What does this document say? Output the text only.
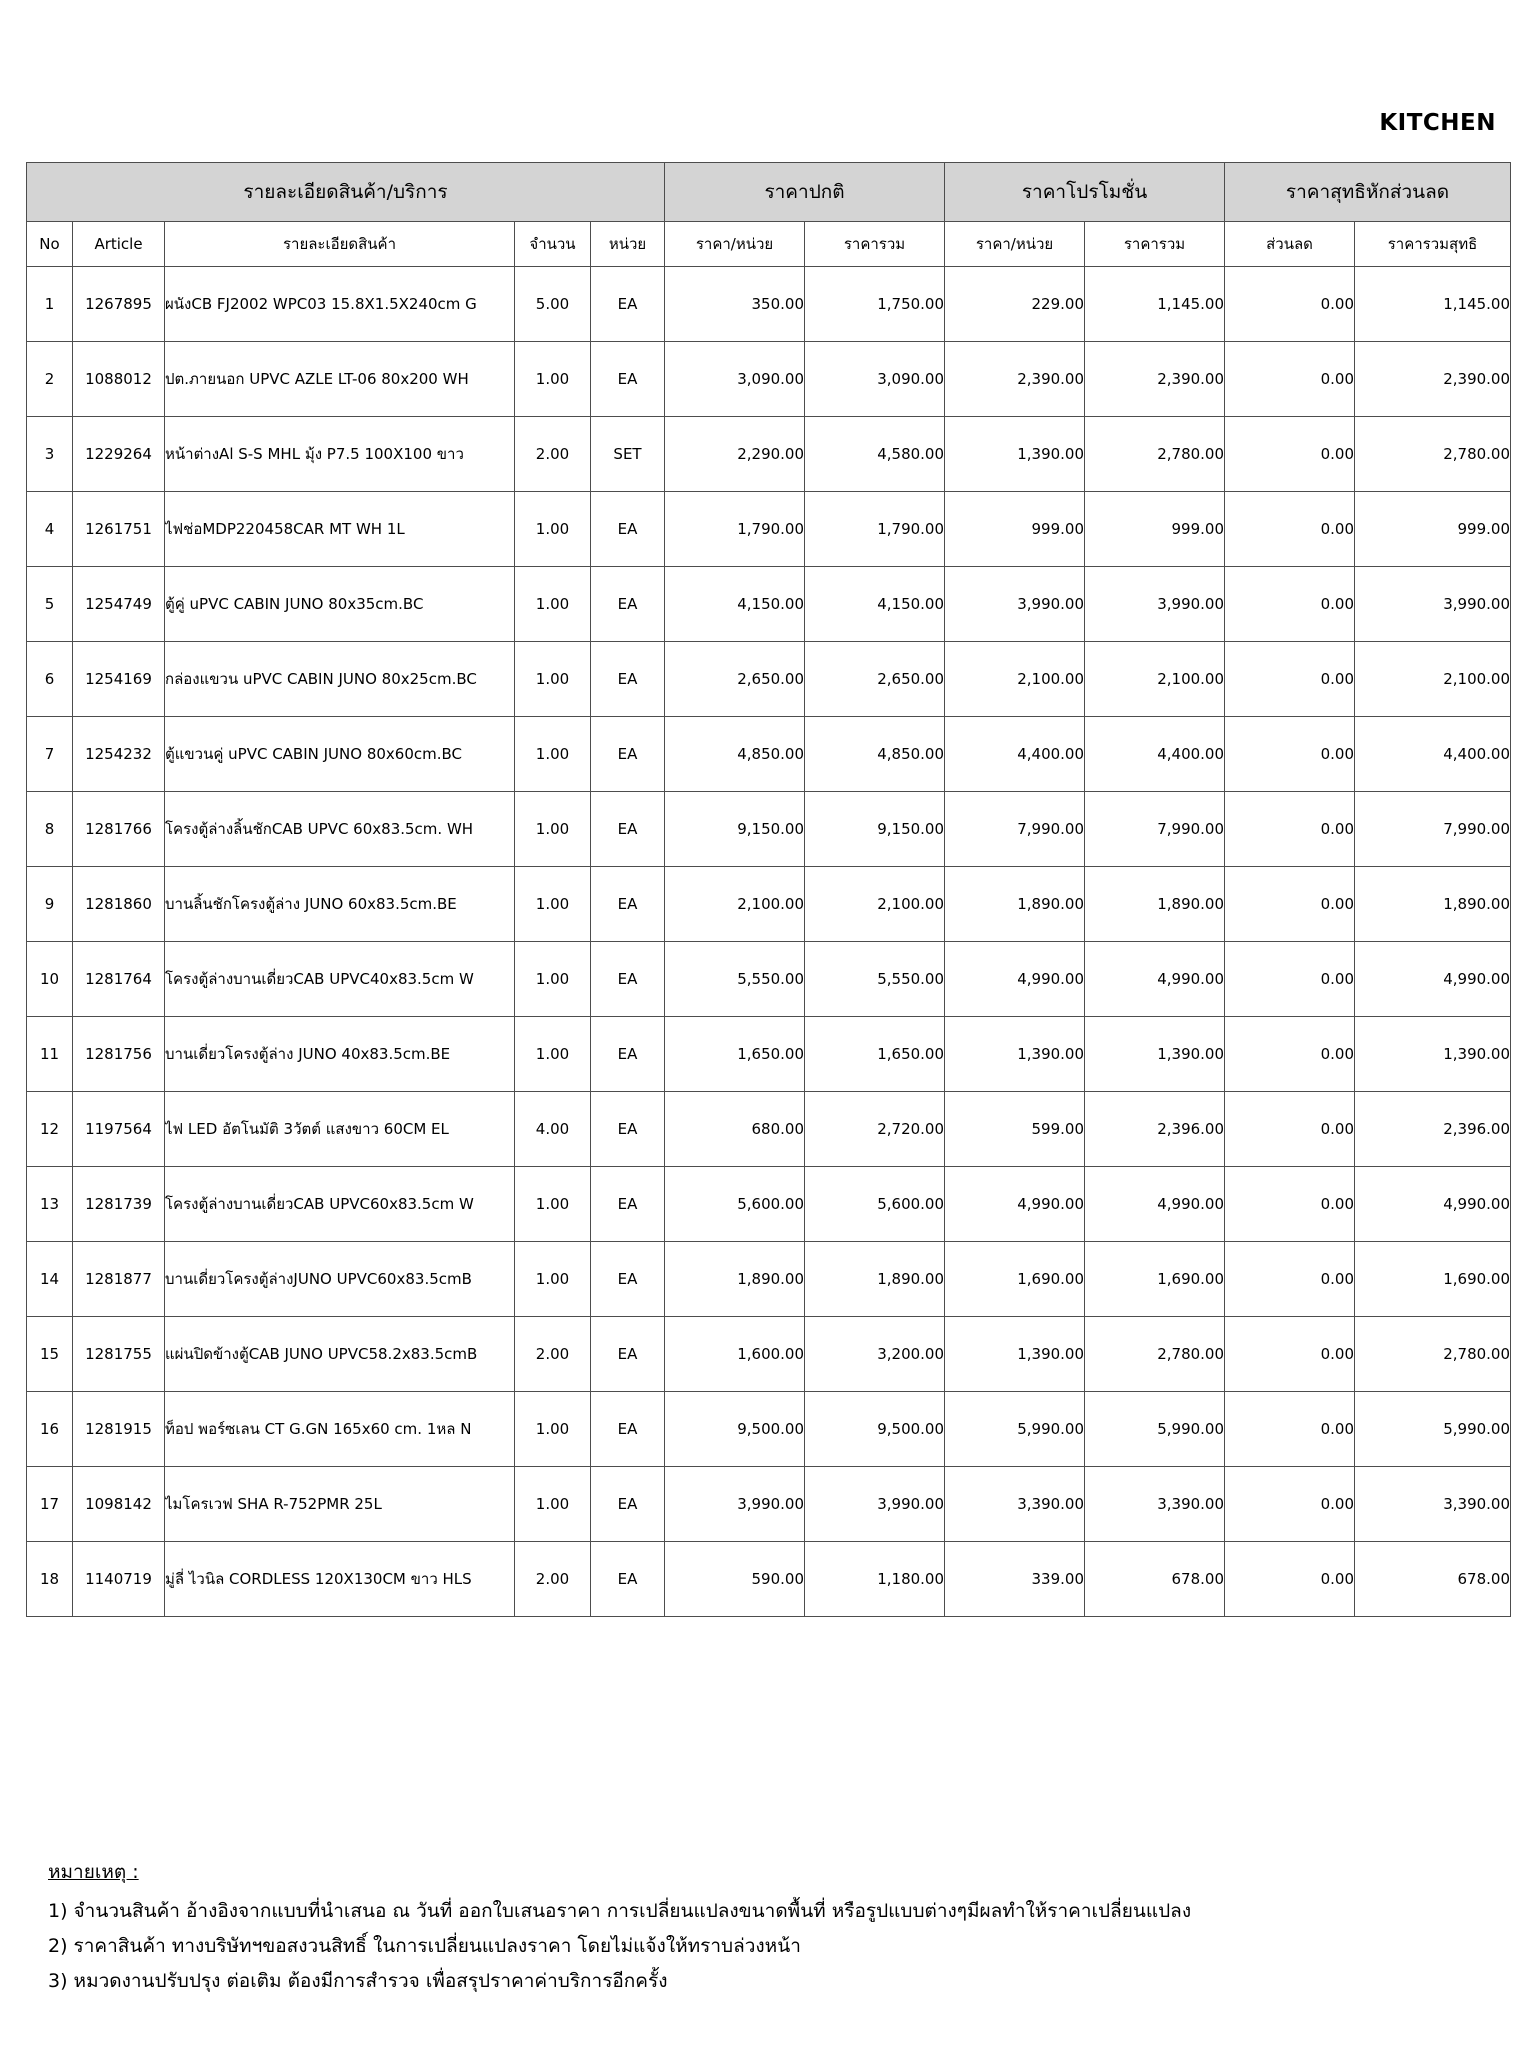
KITCHEN
รายละเอียดสินค้า/บริการ					ราคาปกติ		ราคาโปรโมชั่น		ราคาสุทธิหักส่วนลด	
No	Article	รายละเอียดสินค้า	จำนวน	หน่วย	ราคา/หน่วย	ราคารวม	ราคา/หน่วย	ราคารวม	ส่วนลด	ราคารวมสุทธิ
1	1267895	ผนังCB FJ2002 WPC03 15.8X1.5X240cm G	5.00	EA	350.00	1,750.00	229.00	1,145.00	0.00	1,145.00
2	1088012	ปต.ภายนอก UPVC AZLE LT-06 80x200 WH	1.00	EA	3,090.00	3,090.00	2,390.00	2,390.00	0.00	2,390.00
3	1229264	หน้าต่างAl S-S MHL มุ้ง P7.5 100X100 ขาว	2.00	SET	2,290.00	4,580.00	1,390.00	2,780.00	0.00	2,780.00
4	1261751	ไฟช่อMDP220458CAR MT WH 1L	1.00	EA	1,790.00	1,790.00	999.00	999.00	0.00	999.00
5	1254749	ตู้คู่ uPVC CABIN JUNO 80x35cm.BC	1.00	EA	4,150.00	4,150.00	3,990.00	3,990.00	0.00	3,990.00
6	1254169	กล่องแขวน uPVC CABIN JUNO 80x25cm.BC	1.00	EA	2,650.00	2,650.00	2,100.00	2,100.00	0.00	2,100.00
7	1254232	ตู้แขวนคู่ uPVC CABIN JUNO 80x60cm.BC	1.00	EA	4,850.00	4,850.00	4,400.00	4,400.00	0.00	4,400.00
8	1281766	โครงตู้ล่างลิ้นชักCAB UPVC 60x83.5cm. WH	1.00	EA	9,150.00	9,150.00	7,990.00	7,990.00	0.00	7,990.00
9	1281860	บานลิ้นชักโครงตู้ล่าง JUNO 60x83.5cm.BE	1.00	EA	2,100.00	2,100.00	1,890.00	1,890.00	0.00	1,890.00
10	1281764	โครงตู้ล่างบานเดี่ยวCAB UPVC40x83.5cm W	1.00	EA	5,550.00	5,550.00	4,990.00	4,990.00	0.00	4,990.00
11	1281756	บานเดี่ยวโครงตู้ล่าง JUNO 40x83.5cm.BE	1.00	EA	1,650.00	1,650.00	1,390.00	1,390.00	0.00	1,390.00
12	1197564	ไฟ LED อัตโนมัติ 3วัตต์ แสงขาว 60CM EL	4.00	EA	680.00	2,720.00	599.00	2,396.00	0.00	2,396.00
13	1281739	โครงตู้ล่างบานเดี่ยวCAB UPVC60x83.5cm W	1.00	EA	5,600.00	5,600.00	4,990.00	4,990.00	0.00	4,990.00
14	1281877	บานเดี่ยวโครงตู้ล่างJUNO UPVC60x83.5cmB	1.00	EA	1,890.00	1,890.00	1,690.00	1,690.00	0.00	1,690.00
15	1281755	แผ่นปิดข้างตู้CAB JUNO UPVC58.2x83.5cmB	2.00	EA	1,600.00	3,200.00	1,390.00	2,780.00	0.00	2,780.00
16	1281915	ท็อป พอร์ซเลน CT G.GN 165x60 cm. 1หล N	1.00	EA	9,500.00	9,500.00	5,990.00	5,990.00	0.00	5,990.00
17	1098142	ไมโครเวฟ SHA R-752PMR 25L	1.00	EA	3,990.00	3,990.00	3,390.00	3,390.00	0.00	3,390.00
18	1140719	มู่ลี่ ไวนิล CORDLESS 120X130CM ขาว HLS	2.00	EA	590.00	1,180.00	339.00	678.00	0.00	678.00
หมายเหตุ :
1) จำนวนสินค้า อ้างอิงจากแบบที่นำเสนอ ณ วันที่ ออกใบเสนอราคา การเปลี่ยนแปลงขนาดพื้นที่ หรือรูปแบบต่างๆมีผลทำให้ราคาเปลี่ยนแปลง
2) ราคาสินค้า ทางบริษัทฯขอสงวนสิทธิ์ ในการเปลี่ยนแปลงราคา โดยไม่แจ้งให้ทราบล่วงหน้า
3) หมวดงานปรับปรุง ต่อเติม ต้องมีการสำรวจ เพื่อสรุปราคาค่าบริการอีกครั้ง
